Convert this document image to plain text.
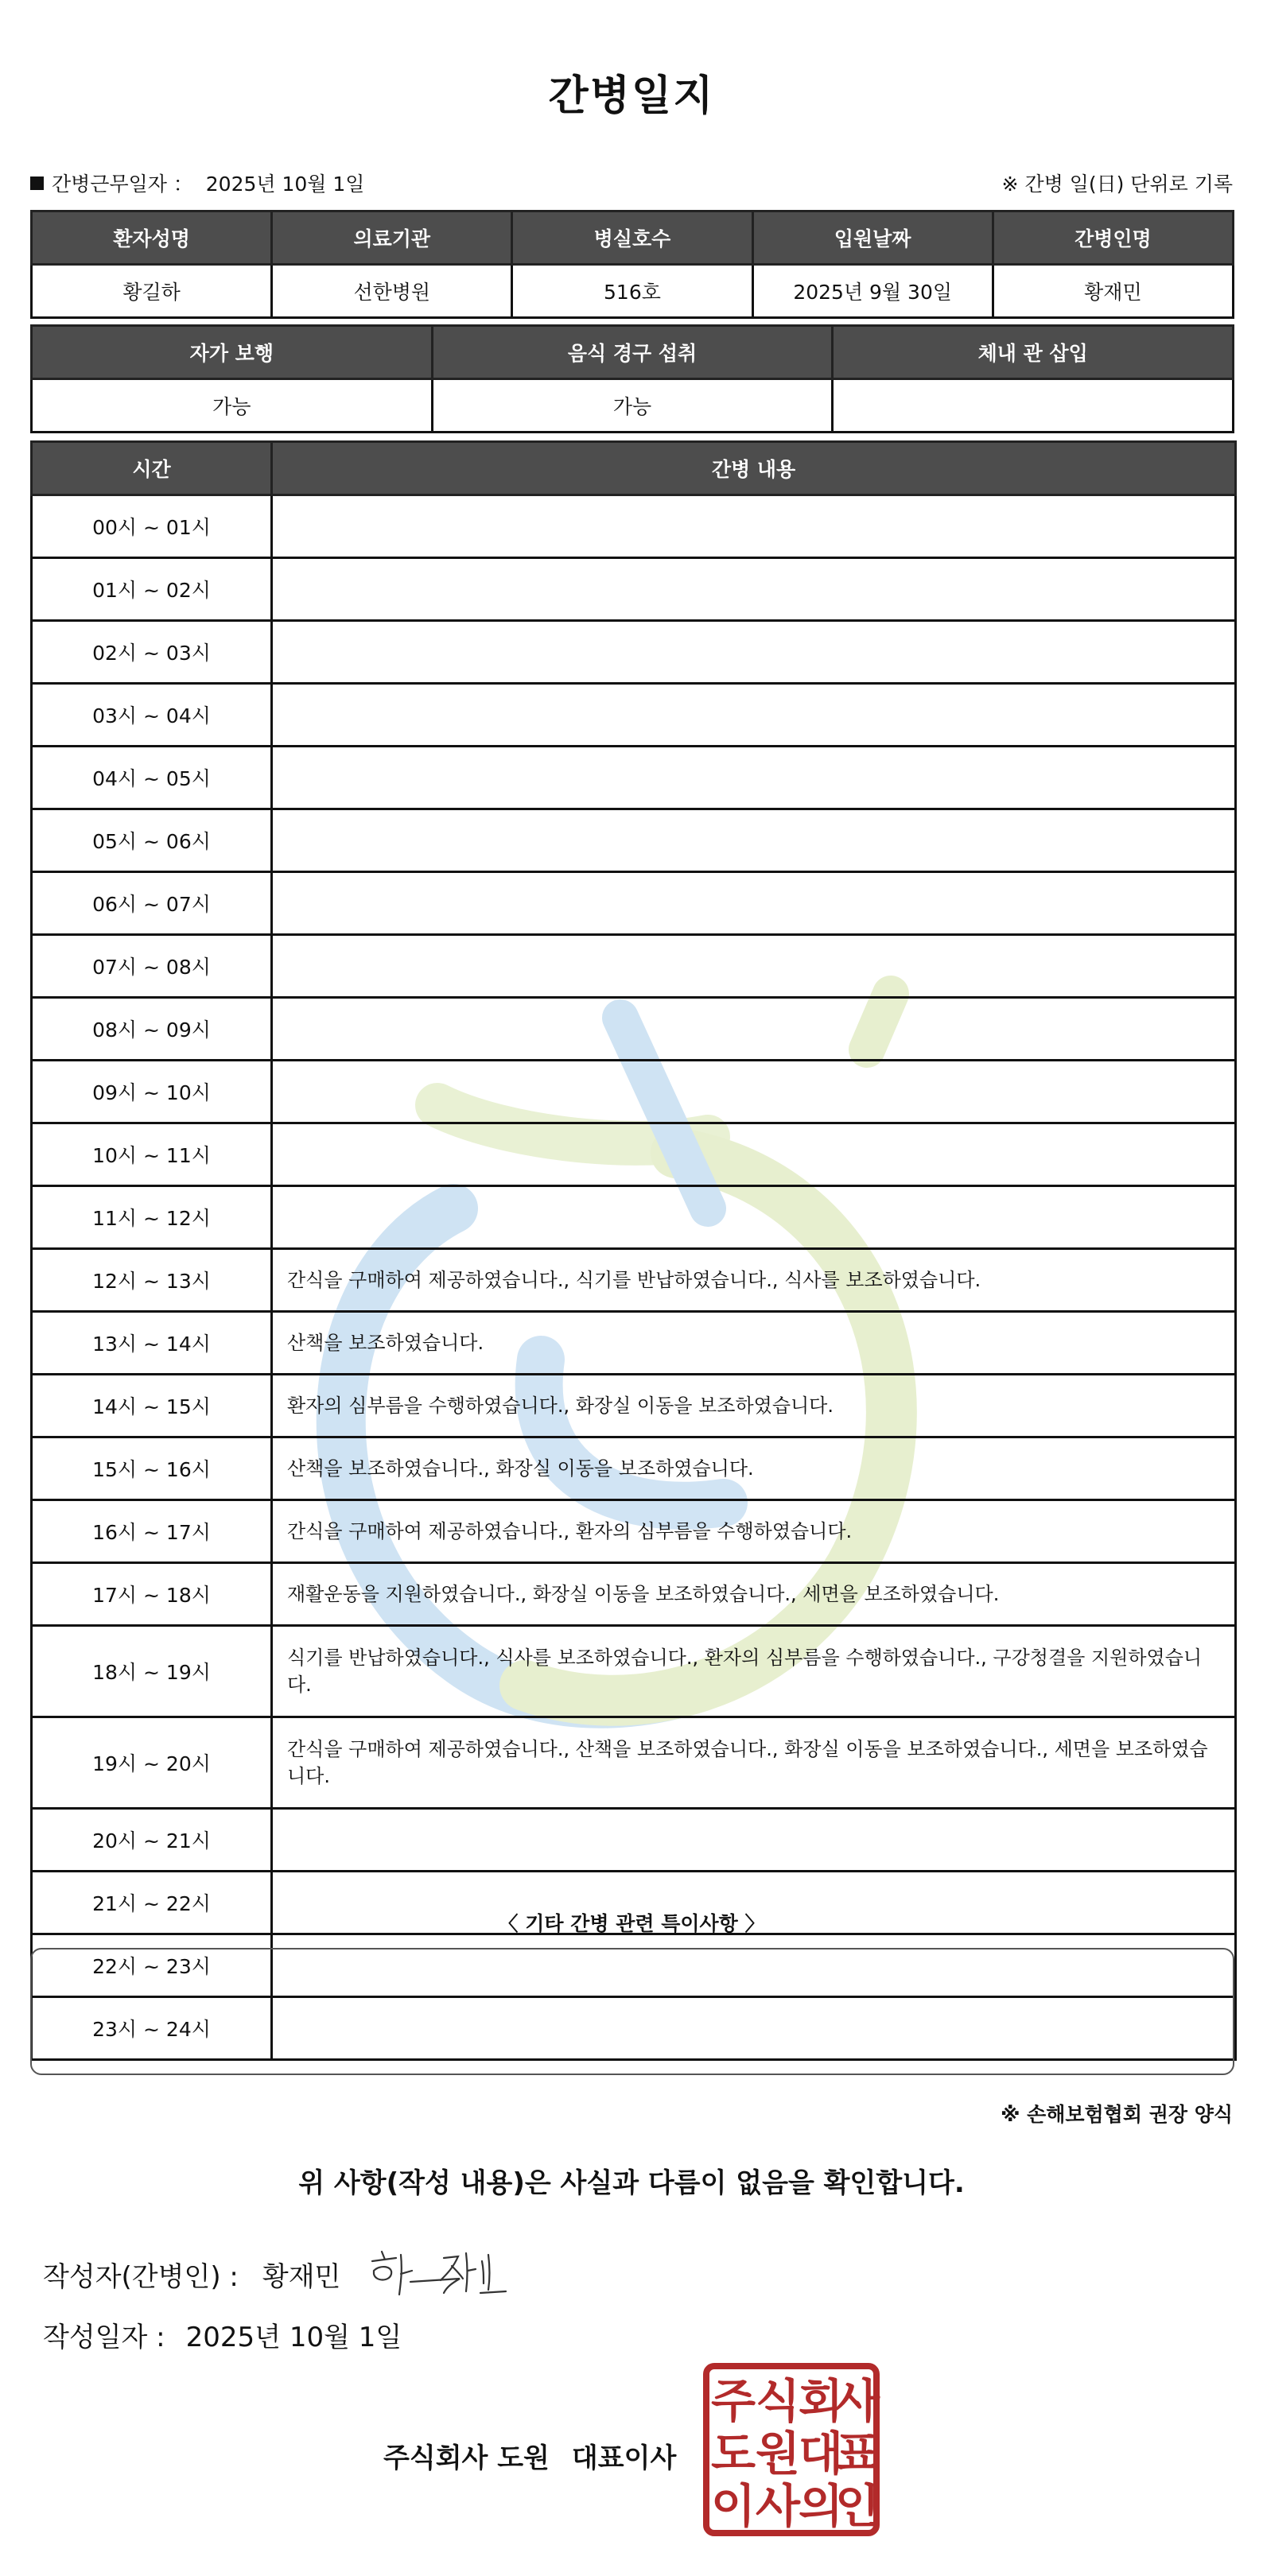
간병일지
간병근무일자 ： 2025년 10월 1일	※ 간병 일(日) 단위로 기록
환자성명	의료기관	병실호수	입원날짜	간병인명
황길하	선한병원	516호	2025년 9월 30일	황재민
자가 보행	음식 경구 섭취	체내 관 삽입
가능	가능	
시간	간병 내용
00시 ~ 01시	
01시 ~ 02시	
02시 ~ 03시	
03시 ~ 04시	
04시 ~ 05시	
05시 ~ 06시	
06시 ~ 07시	
07시 ~ 08시	
08시 ~ 09시	
09시 ~ 10시	
10시 ~ 11시	
11시 ~ 12시	
12시 ~ 13시	간식을 구매하여 제공하였습니다., 식기를 반납하였습니다., 식사를 보조하였습니다.
13시 ~ 14시	산책을 보조하였습니다.
14시 ~ 15시	환자의 심부름을 수행하였습니다., 화장실 이동을 보조하였습니다.
15시 ~ 16시	산책을 보조하였습니다., 화장실 이동을 보조하였습니다.
16시 ~ 17시	간식을 구매하여 제공하였습니다., 환자의 심부름을 수행하였습니다.
17시 ~ 18시	재활운동을 지원하였습니다., 화장실 이동을 보조하였습니다., 세면을 보조하였습니다.
18시 ~ 19시	식기를 반납하였습니다., 식사를 보조하였습니다., 환자의 심부름을 수행하였습니다., 구강청결을 지원하였습니다.
19시 ~ 20시	간식을 구매하여 제공하였습니다., 산책을 보조하였습니다., 화장실 이동을 보조하였습니다., 세면을 보조하였습니다.
20시 ~ 21시	
21시 ~ 22시	
22시 ~ 23시	
23시 ~ 24시	
〈 기타 간병 관련 특이사항 〉
※ 손해보험협회 권장 양식
위 사항(작성 내용)은 사실과 다름이 없음을 확인합니다.
작성자(간병인) : 황재민
작성일자 : 2025년 10월 1일
주식회사 도원 대표이사
주 식
회
사
도 원
대
표
이 사
의
인
